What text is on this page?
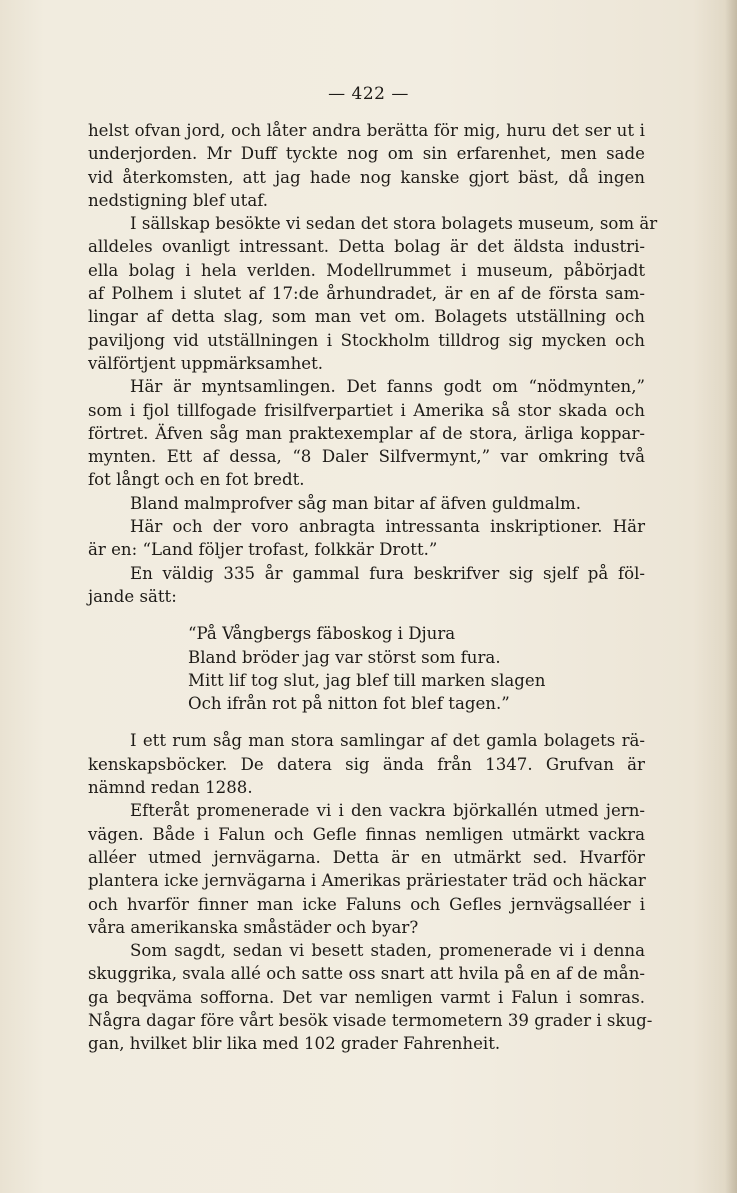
— 422 —
helst ofvan jord, och låter andra berätta för mig, huru det ser ut i
underjorden. Mr Duff tyckte nog om sin erfarenhet, men sade
vid återkomsten, att jag hade nog kanske gjort bäst, då ingen
nedstigning blef utaf.
I sällskap besökte vi sedan det stora bolagets museum, som är
alldeles ovanligt intressant. Detta bolag är det äldsta industri-
ella bolag i hela verlden. Modellrummet i museum, påbörjadt
af Polhem i slutet af 17:de århundradet, är en af de första sam-
lingar af detta slag, som man vet om. Bolagets utställning och
paviljong vid utställningen i Stockholm tilldrog sig mycken och
välförtjent uppmärksamhet.
Här är myntsamlingen. Det fanns godt om “nödmynten,”
som i fjol tillfogade frisilfverpartiet i Amerika så stor skada och
förtret. Äfven såg man praktexemplar af de stora, ärliga koppar-
mynten. Ett af dessa, “8 Daler Silfvermynt,” var omkring två
fot långt och en fot bredt.
Bland malmprofver såg man bitar af äfven guldmalm.
Här och der voro anbragta intressanta inskriptioner. Här
är en: “Land följer trofast, folkkär Drott.”
En väldig 335 år gammal fura beskrifver sig sjelf på föl-
jande sätt:
“På Vångbergs fäboskog i Djura
Bland bröder jag var störst som fura.
Mitt lif tog slut, jag blef till marken slagen
Och ifrån rot på nitton fot blef tagen.”
I ett rum såg man stora samlingar af det gamla bolagets rä-
kenskapsböcker. De datera sig ända från 1347. Grufvan är
nämnd redan 1288.
Efteråt promenerade vi i den vackra björkallén utmed jern-
vägen. Både i Falun och Gefle finnas nemligen utmärkt vackra
alléer utmed jernvägarna. Detta är en utmärkt sed. Hvarför
plantera icke jernvägarna i Amerikas präriestater träd och häckar
och hvarför finner man icke Faluns och Gefles jernvägsalléer i
våra amerikanska småstäder och byar?
Som sagdt, sedan vi besett staden, promenerade vi i denna
skuggrika, svala allé och satte oss snart att hvila på en af de mån-
ga beqväma sofforna. Det var nemligen varmt i Falun i somras.
Några dagar före vårt besök visade termometern 39 grader i skug-
gan, hvilket blir lika med 102 grader Fahrenheit.
